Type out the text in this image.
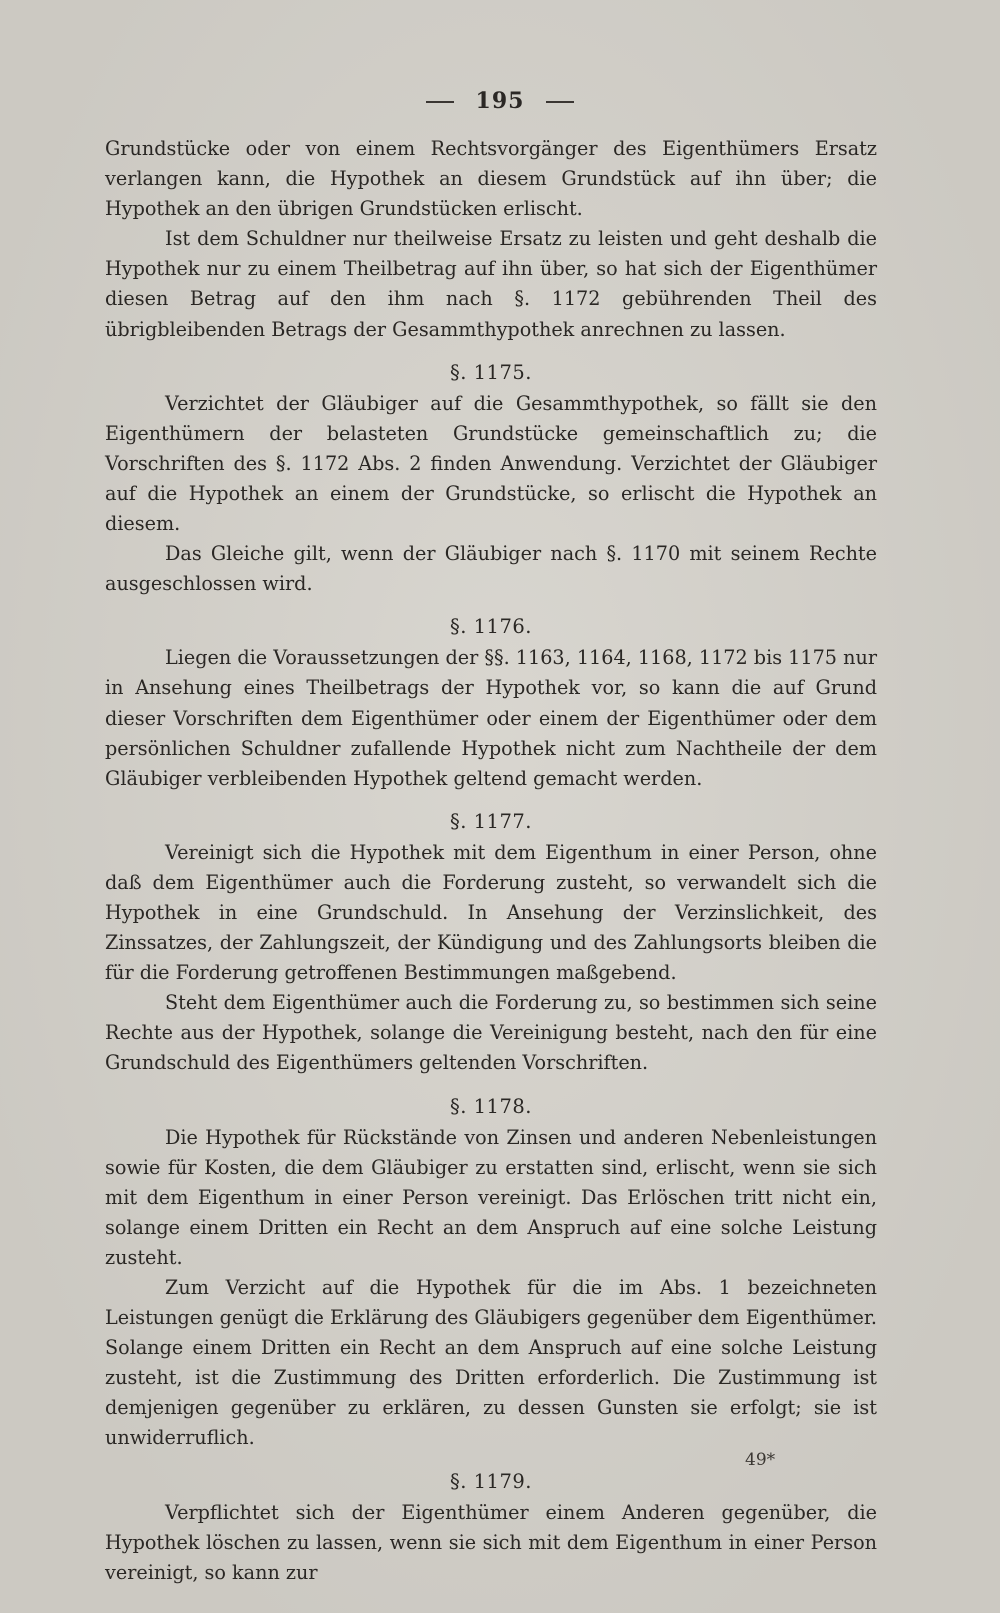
195

Grundstücke oder von einem Rechtsvorgänger des Eigenthümers Ersatz verlangen kann, die Hypothek an diesem Grundstück auf ihn über; die Hypothek an den übrigen Grundstücken erlischt.

Ist dem Schuldner nur theilweise Ersatz zu leisten und geht deshalb die Hypothek nur zu einem Theilbetrag auf ihn über, so hat sich der Eigenthümer diesen Betrag auf den ihm nach §. 1172 gebührenden Theil des übrigbleibenden Betrags der Gesammthypothek anrechnen zu lassen.

§. 1175.

Verzichtet der Gläubiger auf die Gesammthypothek, so fällt sie den Eigenthümern der belasteten Grundstücke gemeinschaftlich zu; die Vorschriften des §. 1172 Abs. 2 finden Anwendung. Verzichtet der Gläubiger auf die Hypothek an einem der Grundstücke, so erlischt die Hypothek an diesem.

Das Gleiche gilt, wenn der Gläubiger nach §. 1170 mit seinem Rechte ausgeschlossen wird.

§. 1176.

Liegen die Voraussetzungen der §§. 1163, 1164, 1168, 1172 bis 1175 nur in Ansehung eines Theilbetrags der Hypothek vor, so kann die auf Grund dieser Vorschriften dem Eigenthümer oder einem der Eigenthümer oder dem persönlichen Schuldner zufallende Hypothek nicht zum Nachtheile der dem Gläubiger verbleibenden Hypothek geltend gemacht werden.

§. 1177.

Vereinigt sich die Hypothek mit dem Eigenthum in einer Person, ohne daß dem Eigenthümer auch die Forderung zusteht, so verwandelt sich die Hypothek in eine Grundschuld. In Ansehung der Verzinslichkeit, des Zinssatzes, der Zahlungszeit, der Kündigung und des Zahlungsorts bleiben die für die Forderung getroffenen Bestimmungen maßgebend.

Steht dem Eigenthümer auch die Forderung zu, so bestimmen sich seine Rechte aus der Hypothek, solange die Vereinigung besteht, nach den für eine Grundschuld des Eigenthümers geltenden Vorschriften.

§. 1178.

Die Hypothek für Rückstände von Zinsen und anderen Nebenleistungen sowie für Kosten, die dem Gläubiger zu erstatten sind, erlischt, wenn sie sich mit dem Eigenthum in einer Person vereinigt. Das Erlöschen tritt nicht ein, solange einem Dritten ein Recht an dem Anspruch auf eine solche Leistung zusteht.

Zum Verzicht auf die Hypothek für die im Abs. 1 bezeichneten Leistungen genügt die Erklärung des Gläubigers gegenüber dem Eigenthümer. Solange einem Dritten ein Recht an dem Anspruch auf eine solche Leistung zusteht, ist die Zustimmung des Dritten erforderlich. Die Zustimmung ist demjenigen gegenüber zu erklären, zu dessen Gunsten sie erfolgt; sie ist unwiderruflich.

§. 1179.

Verpflichtet sich der Eigenthümer einem Anderen gegenüber, die Hypothek löschen zu lassen, wenn sie sich mit dem Eigenthum in einer Person vereinigt, so kann zur

49*
